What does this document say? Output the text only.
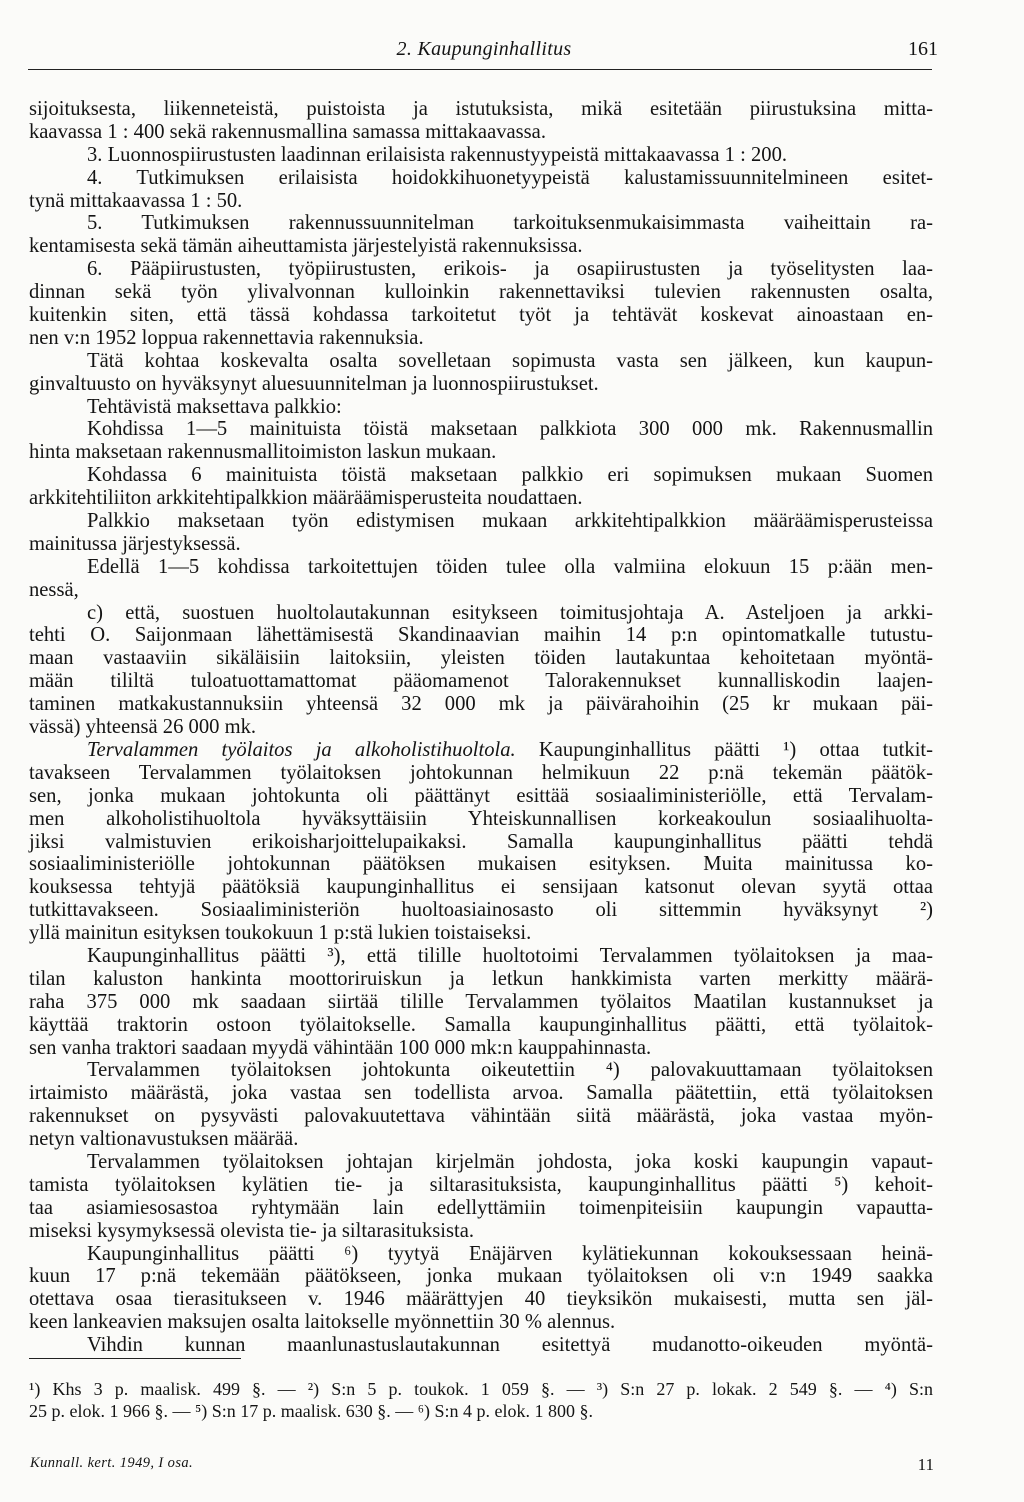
2. Kaupunginhallitus	161
sijoituksesta, liikenneteistä, puistoista ja istutuksista, mikä esitetään piirustuksina mitta-
kaavassa 1 : 400 sekä rakennusmallina samassa mittakaavassa.
3. Luonnospiirustusten laadinnan erilaisista rakennustyypeistä mittakaavassa 1 : 200.
4. Tutkimuksen erilaisista hoidokkihuonetyypeistä kalustamissuunnitelmineen esitet-
tynä mittakaavassa 1 : 50.
5. Tutkimuksen rakennussuunnitelman tarkoituksenmukaisimmasta vaiheittain rа-
kentamisesta sekä tämän aiheuttamista järjestelyistä rakennuksissa.
6. Pääpiirustusten, työpiirustusten, erikois- ja osapiirustusten ja työselitysten laa-
dinnan sekä työn ylivalvonnan kulloinkin rakennettaviksi tulevien rakennusten osalta,
kuitenkin siten, että tässä kohdassa tarkoitetut työt ja tehtävät koskevat ainoastaan en-
nen v:n 1952 loppua rakennettavia rakennuksia.
Tätä kohtaa koskevalta osalta sovelletaan sopimusta vasta sen jälkeen, kun kaupun-
ginvaltuusto on hyväksynyt aluesuunnitelman ja luonnospiirustukset.
Tehtävistä maksettava palkkio:
Kohdissa 1—5 mainituista töistä maksetaan palkkiota 300 000 mk. Rakennusmallin
hinta maksetaan rakennusmallitoimiston laskun mukaan.
Kohdassa 6 mainituista töistä maksetaan palkkio eri sopimuksen mukaan Suomen
arkkitehtiliiton arkkitehtipalkkion määräämisperusteita noudattaen.
Palkkio maksetaan työn edistymisen mukaan arkkitehtipalkkion määräämisperusteissa
mainitussa järjestyksessä.
Edellä 1—5 kohdissa tarkoitettujen töiden tulee olla valmiina elokuun 15 p:ään men-
nessä,
c) että, suostuen huoltolautakunnan esitykseen toimitusjohtaja A. Asteljoen ja arkki-
tehti O. Saijonmaan lähettämisestä Skandinaavian maihin 14 p:n opintomatkalle tutustu-
maan vastaaviin sikäläisiin laitoksiin, yleisten töiden lautakuntaa kehoitetaan myöntä-
mään tililtä tuloatuottamattomat pääomamenot Talorakennukset kunnalliskodin laajen-
taminen matkakustannuksiin yhteensä 32 000 mk ja päivärahoihin (25 kr mukaan päi-
vässä) yhteensä 26 000 mk.
Tervalammen työlaitos ja alkoholistihuoltola. Kaupunginhallitus päätti ¹) ottaa tutkit-
tavakseen Tervalammen työlaitoksen johtokunnan helmikuun 22 p:nä tekemän päätök-
sen, jonka mukaan johtokunta oli päättänyt esittää sosiaaliministeriölle, että Tervalam-
men alkoholistihuoltola hyväksyttäisiin Yhteiskunnallisen korkeakoulun sosiaalihuolta-
jiksi valmistuvien erikoisharjoittelupaikaksi. Samalla kaupunginhallitus päätti tehdä
sosiaaliministeriölle johtokunnan päätöksen mukaisen esityksen. Muita mainitussa ko-
kouksessa tehtyjä päätöksiä kaupunginhallitus ei sensijaan katsonut olevan syytä ottaa
tutkittavakseen. Sosiaaliministeriön huoltoasiainosasto oli sittemmin hyväksynyt ²)
yllä mainitun esityksen toukokuun 1 p:stä lukien toistaiseksi.
Kaupunginhallitus päätti ³), että tilille huoltotoimi Tervalammen työlaitoksen ja maa-
tilan kaluston hankinta moottoriruiskun ja letkun hankkimista varten merkitty määrä-
raha 375 000 mk saadaan siirtää tilille Tervalammen työlaitos Maatilan kustannukset ja
käyttää traktorin ostoon työlaitokselle. Samalla kaupunginhallitus päätti, että työlaitok-
sen vanha traktori saadaan myydä vähintään 100 000 mk:n kauppahinnasta.
Tervalammen työlaitoksen johtokunta oikeutettiin ⁴) palovakuuttamaan työlaitoksen
irtaimisto määrästä, joka vastaa sen todellista arvoa. Samalla päätettiin, että työlaitoksen
rakennukset on pysyvästi palovakuutettava vähintään siitä määrästä, joka vastaa myön-
netyn valtionavustuksen määrää.
Tervalammen työlaitoksen johtajan kirjelmän johdosta, joka koski kaupungin vapaut-
tamista työlaitoksen kylätien tie- ja siltarasituksista, kaupunginhallitus päätti ⁵) kehoit-
taa asiamiesosastoa ryhtymään lain edellyttämiin toimenpiteisiin kaupungin vapautta-
miseksi kysymyksessä olevista tie- ja siltarasituksista.
Kaupunginhallitus päätti ⁶) tyytyä Enäjärven kylätiekunnan kokouksessaan heinä-
kuun 17 p:nä tekemään päätökseen, jonka mukaan työlaitoksen oli v:n 1949 saakka
otettava osaa tierasitukseen v. 1946 määrättyjen 40 tieyksikön mukaisesti, mutta sen jäl-
keen lankeavien maksujen osalta laitokselle myönnettiin 30 % alennus.
Vihdin kunnan maanlunastuslautakunnan esitettyä mudanotto-oikeuden myöntä-
¹) Khs 3 p. maalisk. 499 §. — ²) S:n 5 p. toukok. 1 059 §. — ³) S:n 27 p. lokak. 2 549 §. — ⁴) S:n
25 p. elok. 1 966 §. — ⁵) S:n 17 p. maalisk. 630 §. — ⁶) S:n 4 p. elok. 1 800 §.
Kunnall. kert. 1949, I osa.	11
